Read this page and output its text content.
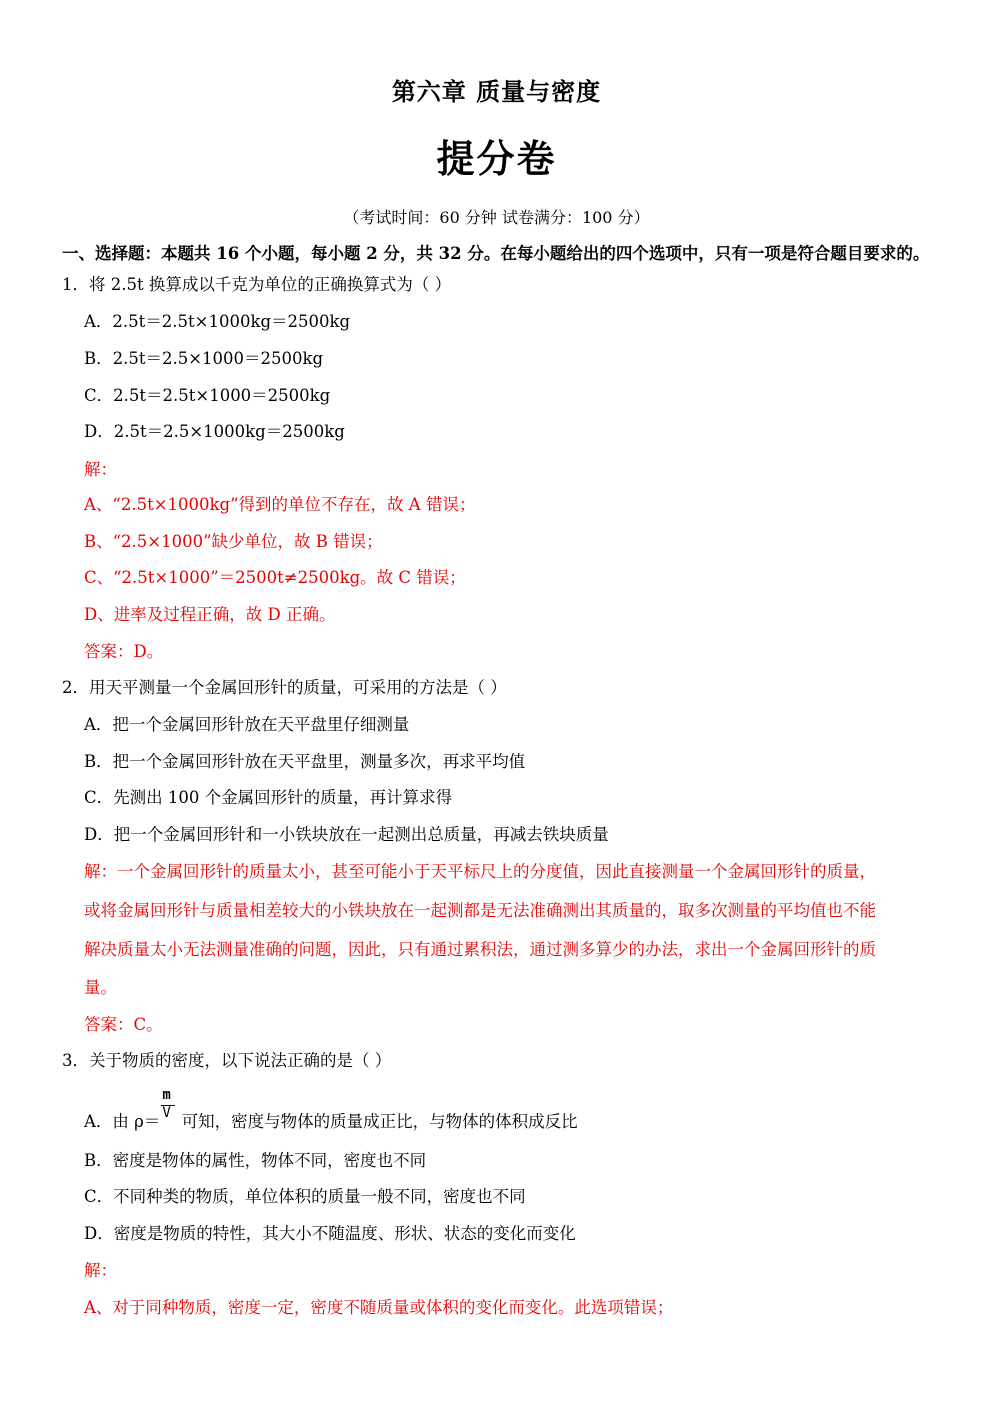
第六章 质量与密度
提分卷
（考试时间：60 分钟 试卷满分：100 分）
一、选择题：本题共 16 个小题，每小题 2 分，共 32 分。在每小题给出的四个选项中，只有一项是符合题目要求的。
1．将 2.5t 换算成以千克为单位的正确换算式为（ ）
A．2.5t＝2.5t×1000kg＝2500kg
B．2.5t＝2.5×1000＝2500kg
C．2.5t＝2.5t×1000＝2500kg
D．2.5t＝2.5×1000kg＝2500kg
解：
A、“2.5t×1000kg”得到的单位不存在，故 A 错误；
B、“2.5×1000”缺少单位，故 B 错误；
C、“2.5t×1000”＝2500t≠2500kg。故 C 错误；
D、进率及过程正确，故 D 正确。
答案：D。
2．用天平测量一个金属回形针的质量，可采用的方法是（ ）
A．把一个金属回形针放在天平盘里仔细测量
B．把一个金属回形针放在天平盘里，测量多次，再求平均值
C．先测出 100 个金属回形针的质量，再计算求得
D．把一个金属回形针和一小铁块放在一起测出总质量，再减去铁块质量
解：一个金属回形针的质量太小，甚至可能小于天平标尺上的分度值，因此直接测量一个金属回形针的质量，
或将金属回形针与质量相差较大的小铁块放在一起测都是无法准确测出其质量的，取多次测量的平均值也不能
解决质量太小无法测量准确的问题，因此，只有通过累积法，通过测多算少的办法，求出一个金属回形针的质
量。
答案：C。
3．关于物质的密度，以下说法正确的是（ ）
A．由 $\rho= \frac{m}{V}$ 可知，密度与物体的质量成正比，与物体的体积成反比
B．密度是物体的属性，物体不同，密度也不同
C．不同种类的物质，单位体积的质量一般不同，密度也不同
D．密度是物质的特性，其大小不随温度、形状、状态的变化而变化
解：
A、对于同种物质，密度一定，密度不随质量或体积的变化而变化。此选项错误；
